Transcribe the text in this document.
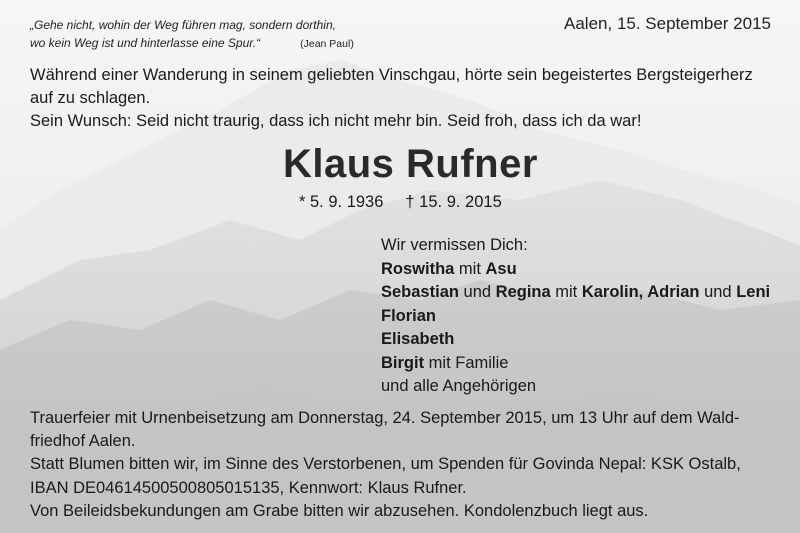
„Gehe nicht, wohin der Weg führen mag, sondern dorthin,
wo kein Weg ist und hinterlasse eine Spur.“	(Jean Paul)
Aalen, 15. September 2015
Während einer Wanderung in seinem geliebten Vinschgau, hörte sein begeistertes Bergsteigerherz
auf zu schlagen.
Sein Wunsch: Seid nicht traurig, dass ich nicht mehr bin. Seid froh, dass ich da war!
Klaus Rufner
* 5. 9. 1936 † 15. 9. 2015
Wir vermissen Dich:
Roswitha mit Asu
Sebastian und Regina mit Karolin, Adrian und Leni
Florian
Elisabeth
Birgit mit Familie
und alle Angehörigen
Trauerfeier mit Urnenbeisetzung am Donnerstag, 24. September 2015, um 13 Uhr auf dem Wald-
friedhof Aalen.
Statt Blumen bitten wir, im Sinne des Verstorbenen, um Spenden für Govinda Nepal: KSK Ostalb,
IBAN DE04614500500805015135, Kennwort: Klaus Rufner.
Von Beileidsbekundungen am Grabe bitten wir abzusehen. Kondolenzbuch liegt aus.
